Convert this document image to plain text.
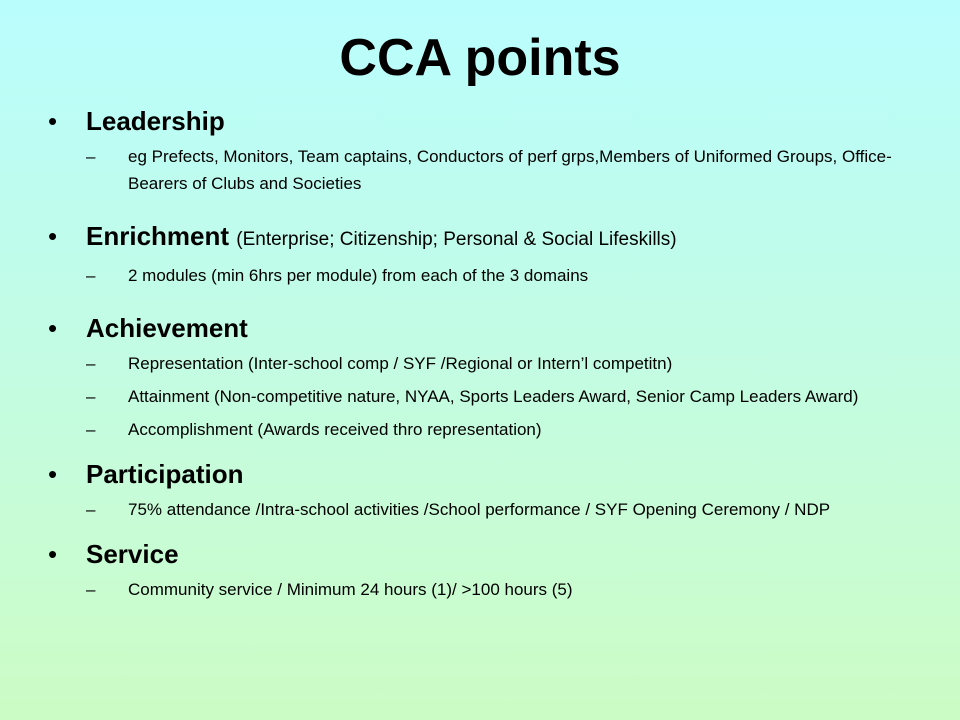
CCA points
• Leadership
– eg Prefects, Monitors, Team captains, Conductors of perf grps,Members of Uniformed Groups, Office-Bearers of Clubs and Societies
• Enrichment (Enterprise; Citizenship; Personal & Social Lifeskills)
– 2 modules (min 6hrs per module) from each of the 3 domains
• Achievement
– Representation (Inter-school comp / SYF /Regional or Intern’l competitn)
– Attainment (Non-competitive nature, NYAA, Sports Leaders Award, Senior Camp Leaders Award)
– Accomplishment (Awards received thro representation)
• Participation
– 75% attendance /Intra-school activities /School performance / SYF Opening Ceremony / NDP
• Service
– Community service / Minimum 24 hours (1)/ >100 hours (5)
